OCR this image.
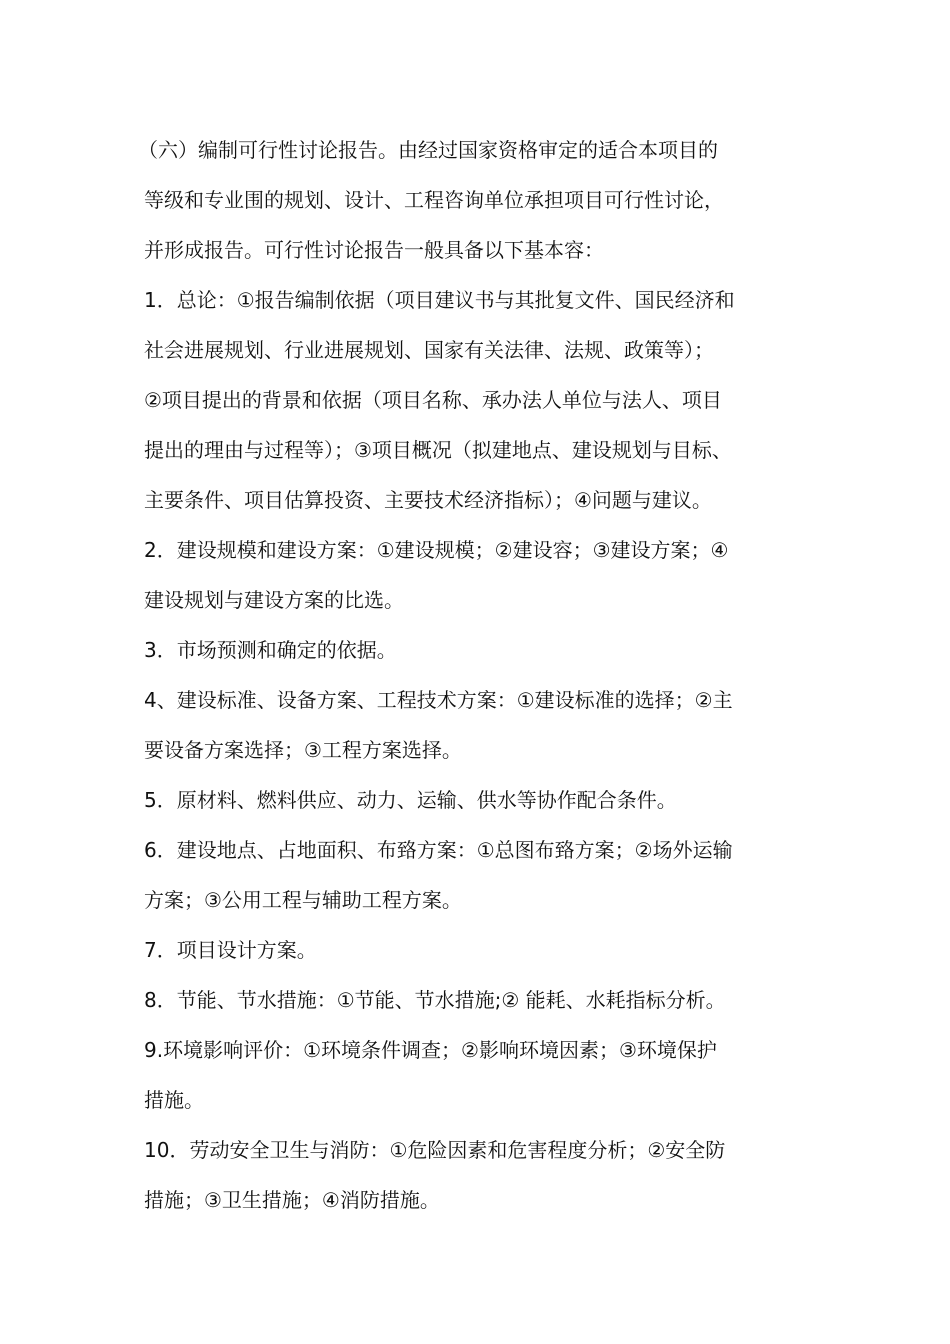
（六）编制可行性讨论报告。由经过国家资格审定的适合本项目的
等级和专业围的规划、设计、工程咨询单位承担项目可行性讨论，
并形成报告。可行性讨论报告一般具备以下基本容：
1．总论：①报告编制依据（项目建议书与其批复文件、国民经济和
社会进展规划、行业进展规划、国家有关法律、法规、政策等）；
②项目提出的背景和依据（项目名称、承办法人单位与法人、项目
提出的理由与过程等）；③项目概况（拟建地点、建设规划与目标、
主要条件、项目估算投资、主要技术经济指标）；④问题与建议。
2．建设规模和建设方案：①建设规模；②建设容；③建设方案；④
建设规划与建设方案的比选。
3．市场预测和确定的依据。
4、建设标准、设备方案、工程技术方案：①建设标准的选择；②主
要设备方案选择；③工程方案选择。
5．原材料、燃料供应、动力、运输、供水等协作配合条件。
6．建设地点、占地面积、布臵方案：①总图布臵方案；②场外运输
方案；③公用工程与辅助工程方案。
7．项目设计方案。
8．节能、节水措施：①节能、节水措施;② 能耗、水耗指标分析。
9.环境影响评价：①环境条件调查；②影响环境因素；③环境保护
措施。
10．劳动安全卫生与消防：①危险因素和危害程度分析；②安全防
措施；③卫生措施；④消防措施。
